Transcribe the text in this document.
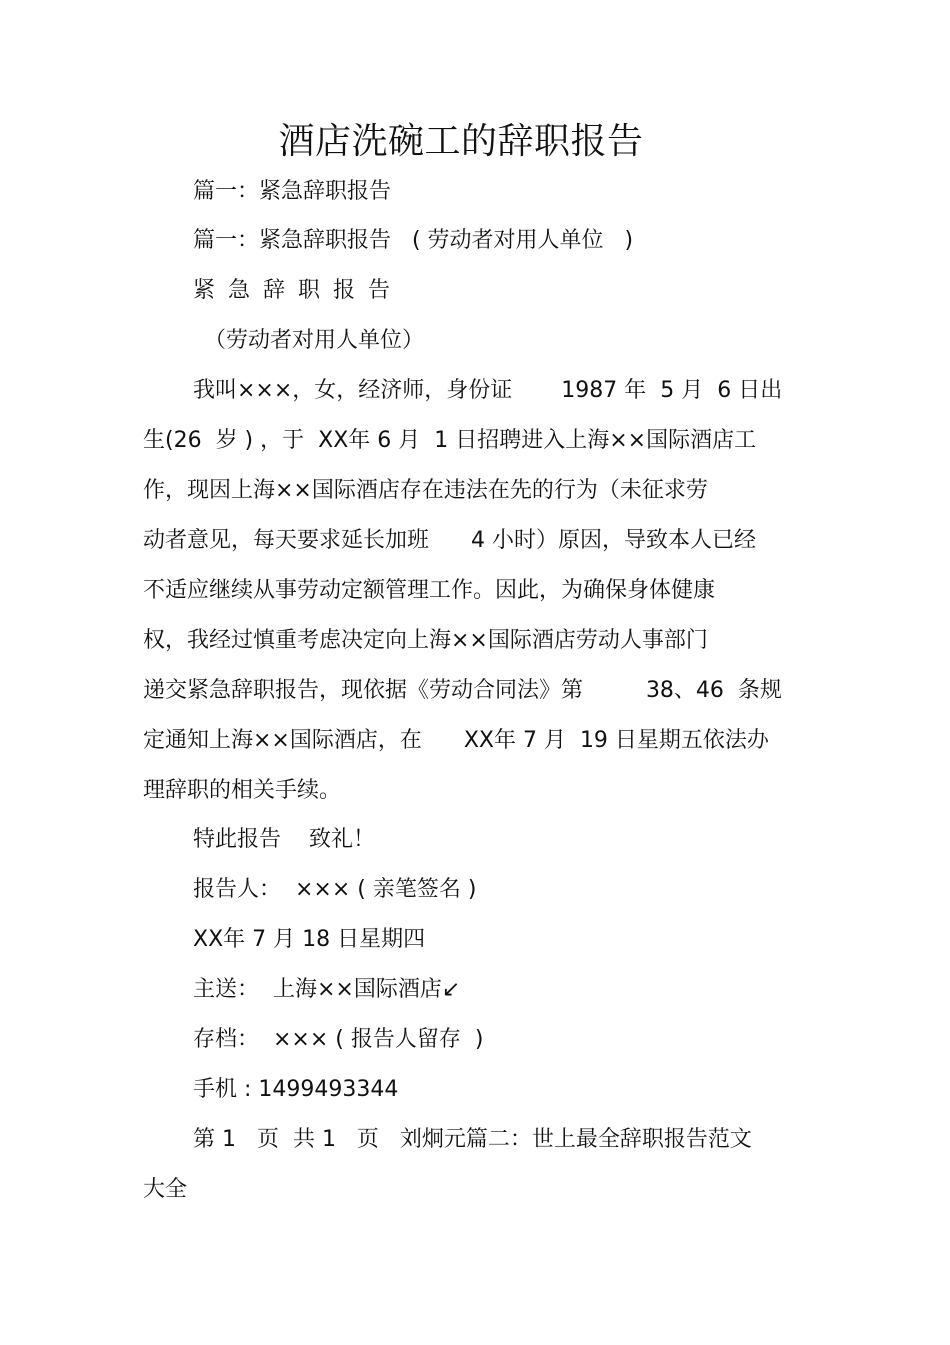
酒店洗碗工的辞职报告
篇一：紧急辞职报告
篇一：紧急辞职报告   ( 劳动者对用人单位   )
紧急辞职报告
（劳动者对用人单位）
我叫×××，女，经济师，身份证       1987 年  5 月  6 日出
生(26  岁 ) ，于  XX年 6 月  1 日招聘进入上海××国际酒店工
作，现因上海××国际酒店存在违法在先的行为（未征求劳
动者意见，每天要求延长加班      4 小时）原因，导致本人已经
不适应继续从事劳动定额管理工作。因此，为确保身体健康
权，我经过慎重考虑决定向上海××国际酒店劳动人事部门
递交紧急辞职报告，现依据《劳动合同法》第         38、46  条规
定通知上海××国际酒店，在      XX年 7 月  19 日星期五依法办
理辞职的相关手续。
特此报告    致礼！
报告人：  ××× ( 亲笔签名 )
XX年 7 月 18 日星期四
主送：  上海××国际酒店↙
存档：  ××× ( 报告人留存  )
手机 : 1499493344
第 1   页  共 1   页   刘炯元篇二：世上最全辞职报告范文
大全
